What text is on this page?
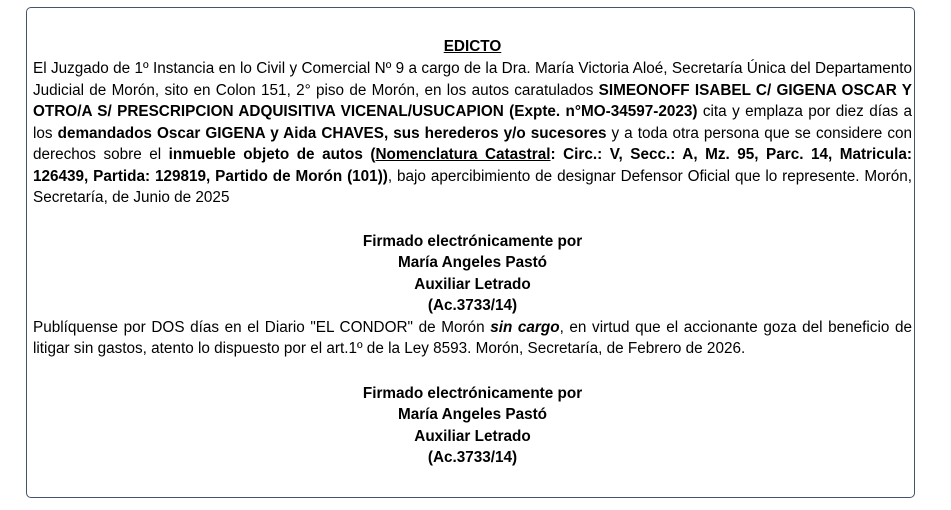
EDICTO

El Juzgado de 1º Instancia en lo Civil y Comercial Nº 9 a cargo de la Dra. María Victoria Aloé, Secretaría Única del Departamento Judicial de Morón, sito en Colon 151, 2° piso de Morón, en los autos caratulados SIMEONOFF ISABEL C/ GIGENA OSCAR Y OTRO/A S/ PRESCRIPCION ADQUISITIVA VICENAL/USUCAPION (Expte. n°MO-34597-2023) cita y emplaza por diez días a los demandados Oscar GIGENA y Aida CHAVES, sus herederos y/o sucesores y a toda otra persona que se considere con derechos sobre el inmueble objeto de autos (Nomenclatura Catastral: Circ.: V, Secc.: A, Mz. 95, Parc. 14, Matricula: 126439, Partida: 129819, Partido de Morón (101)), bajo apercibimiento de designar Defensor Oficial que lo represente. Morón, Secretaría, de Junio de 2025

Firmado electrónicamente por

María Angeles Pastó

Auxiliar Letrado

(Ac.3733/14)

Publíquense por DOS días en el Diario "EL CONDOR" de Morón sin cargo, en virtud que el accionante goza del beneficio de litigar sin gastos, atento lo dispuesto por el art.1º de la Ley 8593. Morón, Secretaría, de Febrero de 2026.

Firmado electrónicamente por

María Angeles Pastó

Auxiliar Letrado

(Ac.3733/14)
